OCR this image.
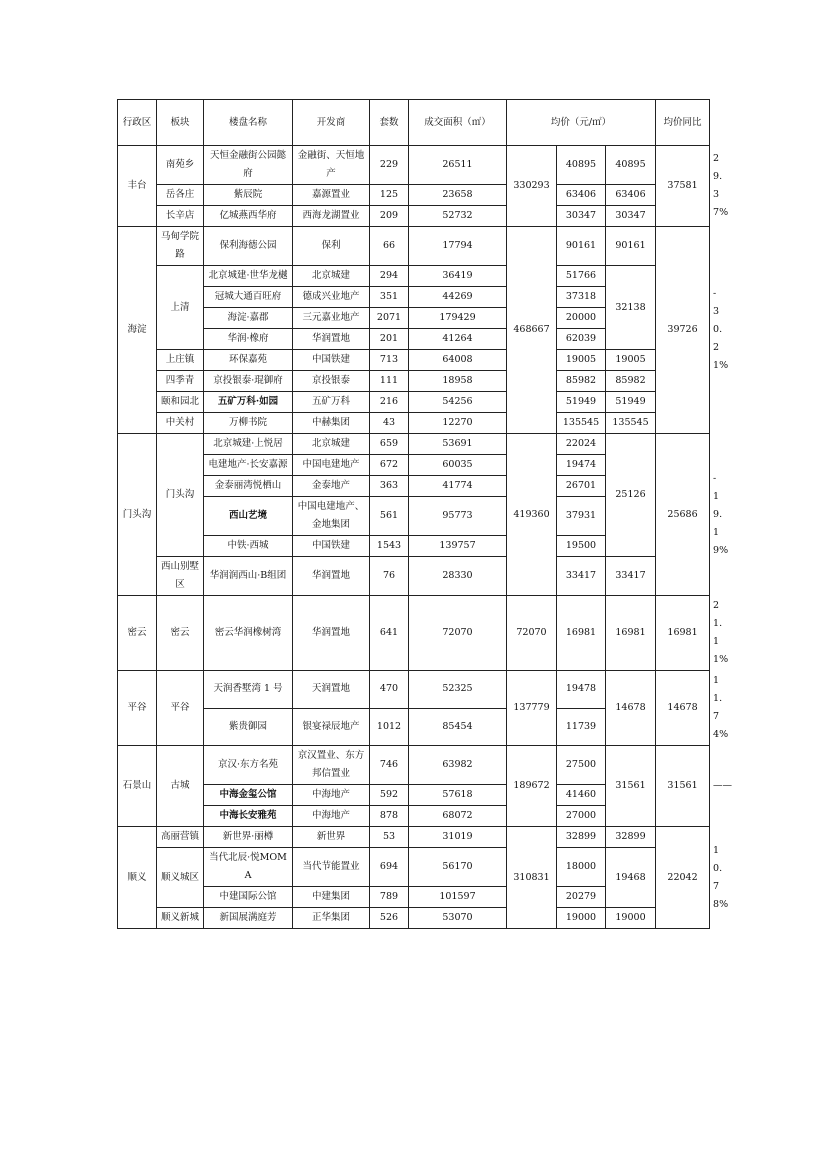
行政区	板块	楼盘名称	开发商	套数	成交面积（㎡）	均价（元/㎡）			均价同比	
丰台	南苑乡	天恒金融街公园懿府	金融街、天恒地产	229	26511	330293	40895	40895	37581	29.37%
	岳各庄	紫辰院	嘉源置业	125	23658		63406	63406		
	长辛店	亿城燕西华府	西海龙湖置业	209	52732		30347	30347		
海淀	马甸学院路	保利海德公园	保利	66	17794	468667	90161	90161	39726	-30.21%
	上清	北京城建·世华龙樾	北京城建	294	36419		51766	32138		
		冠城大通百旺府	德成兴业地产	351	44269		37318			
		海淀·嘉郡	三元嘉业地产	2071	179429		20000			
		华润·橡府	华润置地	201	41264		62039			
	上庄镇	环保嘉苑	中国铁建	713	64008		19005	19005		
	四季青	京投银泰·琨御府	京投银泰	111	18958		85982	85982		
	颐和园北	五矿万科·如园	五矿万科	216	54256		51949	51949		
	中关村	万柳书院	中赫集团	43	12270		135545	135545		
门头沟	门头沟	北京城建·上悦居	北京城建	659	53691	419360	22024	25126	25686	-19.19%
		电建地产·长安嘉源	中国电建地产	672	60035		19474			
		金泰丽湾悦栖山	金泰地产	363	41774		26701			
		西山艺境	中国电建地产、金地集团	561	95773		37931			
		中铁·西城	中国铁建	1543	139757		19500			
	西山别墅区	华润润西山·B组团	华润置地	76	28330		33417	33417		
密云	密云	密云华润橡树湾	华润置地	641	72070	72070	16981	16981	16981	21.11%
平谷	平谷	天润香墅湾 1 号	天润置地	470	52325	137779	19478	14678	14678	11.74%
		紫贵御园	银宴禄辰地产	1012	85454		11739			
石景山	古城	京汉·东方名苑	京汉置业、东方邦信置业	746	63982	189672	27500	31561	31561	——
		中海金玺公馆	中海地产	592	57618		41460			
		中海长安雅苑	中海地产	878	68072		27000			
顺义	高丽营镇	新世界·丽樽	新世界	53	31019	310831	32899	32899	22042	10.78%
	顺义城区	当代北辰·悦MOMA	当代节能置业	694	56170		18000	19468		
		中建国际公馆	中建集团	789	101597		20279			
	顺义新城	新国展满庭芳	正华集团	526	53070		19000	19000		
